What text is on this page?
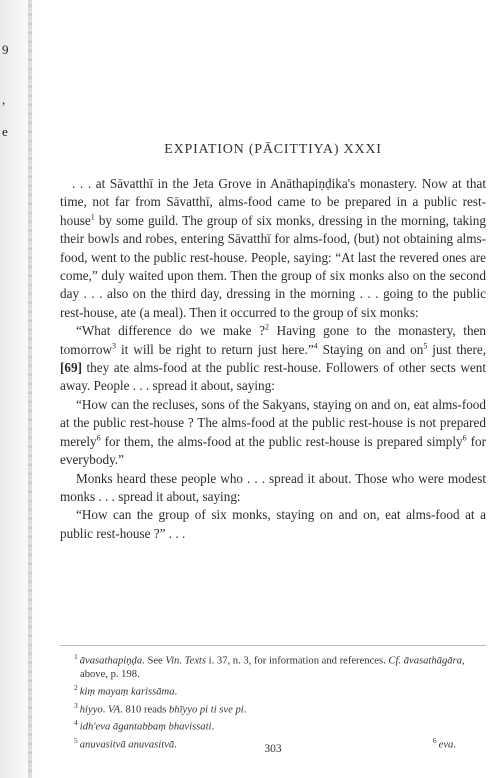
9
,
e
EXPIATION (PĀCITTIYA) XXXI

. . . at Sāvatthī in the Jeta Grove in Anāthapiṇḍika's monastery. Now at that time, not far from Sāvatthī, alms-food came to be prepared in a public rest-house$^1$ by some guild. The group of six monks, dressing in the morning, taking their bowls and robes, entering Sāvatthī for alms-food, (but) not obtaining alms-food, went to the public rest-house. People, saying: “At last the revered ones are come,” duly waited upon them. Then the group of six monks also on the second day . . . also on the third day, dressing in the morning . . . going to the public rest-house, ate (a meal). Then it occurred to the group of six monks:

“What difference do we make ?$^2$ Having gone to the monastery, then tomorrow$^3$ it will be right to return just here.”$^4$ Staying on and $on^5$ just there, [69] they ate alms-food at the public rest-house. Followers of other sects went away. People . . . spread it about, saying:

“How can the recluses, sons of the Sakyans, staying on and on, eat alms-food at the public rest-house ? The alms-food at the public rest-house is not prepared merely$^6$ for them, the alms-food at the public rest-house is prepared simply$^6$ for everybody.”

Monks heard these people who . . . spread it about. Those who were modest monks . . . spread it about, saying:

“How can the group of six monks, staying on and on, eat alms-food at a public rest-house ?” . . .

$^1$ āvasathapiṇḍa. See Vin. Texts i. 37, n. 3, for information and references. Cf. āvasathāgāra, above, p. 198.

$^2$ kiṃ mayaṃ karissāma.

$^3$ hiyyo. VA. 810 reads bhīyyo pi ti sve pi.

$^4$ idh'eva āgantabbaṃ bhavissati.

$^5$ anuvasitvā anuvasitvā.	$^6$ eva.

303
